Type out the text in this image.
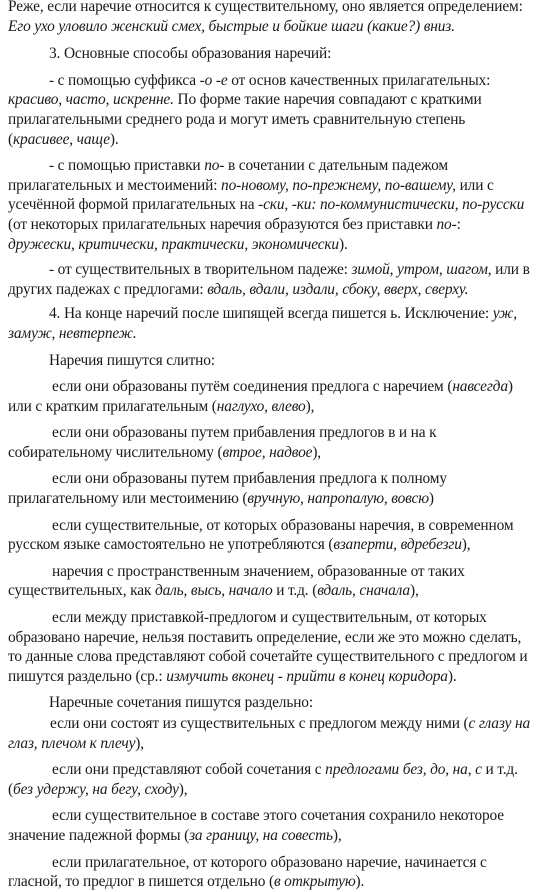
Реже, если наречие относится к существительному, оно является определением: Его ухо уловило женский смех, быстрые и бойкие шаги (какие?) вниз.

3. Основные способы образования наречий:

- с помощью суффикса -о -е от основ качественных прилагательных: красиво, часто, искренне. По форме такие наречия совпадают с краткими прилагательными среднего рода и могут иметь сравнительную степень (красивее, чаще).

- с помощью приставки по- в сочетании с дательным падежом прилагательных и местоимений: по-новому, по-прежнему, по-вашему, или с усечённой формой прилагательных на -ски, -ки: по-коммунистически, по-русски (от некоторых прилагательных наречия образуются без приставки по-: дружески, критически, практически, экономически).

- от существительных в творительном падеже: зимой, утром, шагом, или в других падежах с предлогами: вдаль, вдали, издали, сбоку, вверх, сверху.

4. На конце наречий после шипящей всегда пишется ь. Исключение: уж, замуж, невтерпеж.

Наречия пишутся слитно:

если они образованы путём соединения предлога с наречием (навсегда) или с кратким прилагательным (наглухо, влево),

если они образованы путем прибавления предлогов в и на к собирательному числительному (втрое, надвое),

если они образованы путем прибавления предлога к полному прилагательному или местоимению (вручную, напропалую, вовсю)

если существительные, от которых образованы наречия, в современном русском языке самостоятельно не употребляются (взаперти, вдребезги),

наречия с пространственным значением, образованные от таких существительных, как даль, высь, начало и т.д. (вдаль, сначала),

если между приставкой-предлогом и существительным, от которых образовано наречие, нельзя поставить определение, если же это можно сделать, то данные слова представляют собой сочетайте существительного с предлогом и пишутся раздельно (ср.: измучить вконец - прийти в конец коридора).

Наречные сочетания пишутся раздельно:

если они состоят из существительных с предлогом между ними (с глазу на глаз, плечом к плечу),

если они представляют собой сочетания с предлогами без, до, на, с и т.д. (без удержу, на бегу, сходу),

если существительное в составе этого сочетания сохранило некоторое значение падежной формы (за границу, на совесть),

если прилагательное, от которого образовано наречие, начинается с гласной, то предлог в пишется отдельно (в открытую).
